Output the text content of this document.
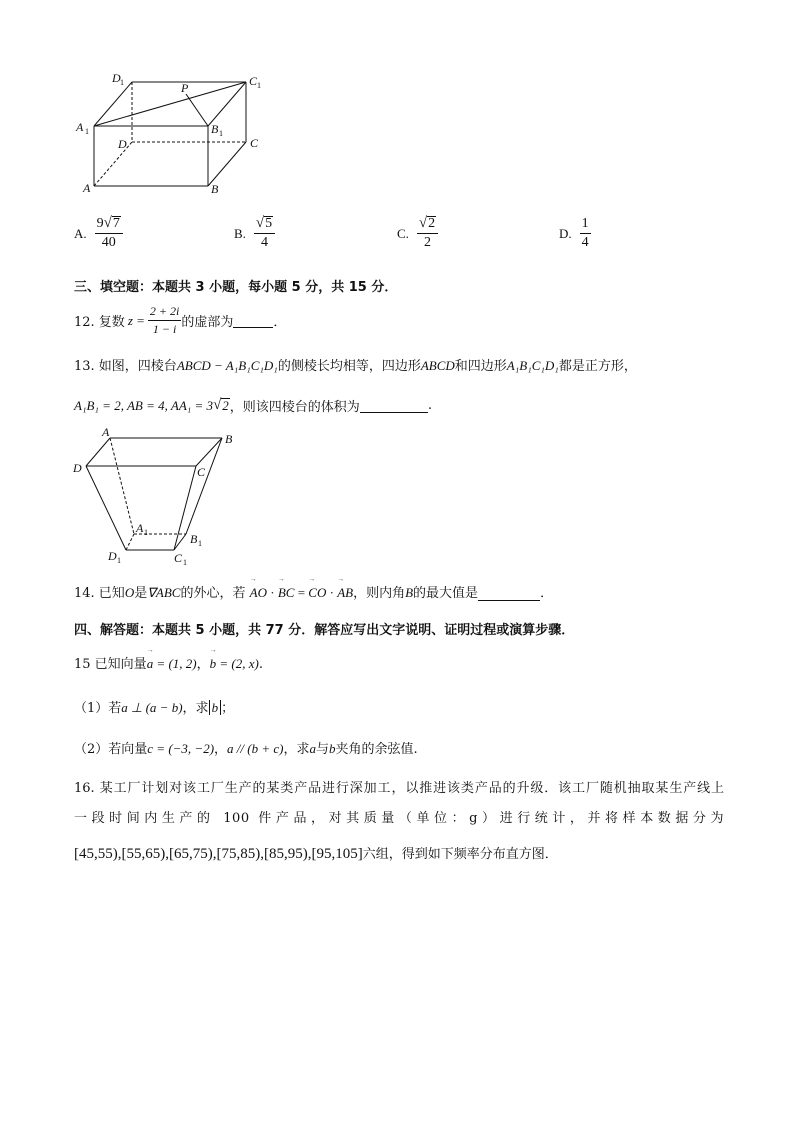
D 1	C 1
P
A 1	B 1
D	C
A	B
A. $\frac{9 √ 7}{40}$	B. $\frac{√ 5}{4}$	C. $\frac{√ 2}{2}$	D. $\frac{1}{4}$
三、填空题：本题共 3 小题，每小题 5 分，共 15 分．
12. 复数 $z = \frac{2 + 2i}{1 - i}$ 的虚部为	．
13. 如图，四棱台ABCD − A₁B₁C₁D₁的侧棱长均相等，四边形ABCD和四边形A₁B₁C₁D₁都是正方形，
A₁B₁ = 2, AB = 4, AA₁ = 3 √ 2 ，则该四棱台的体积为	.
A	B
D	C
A 1	B 1
D 1	C 1
14. 已知O是∇ABC的外心，若 → AO · → BC = → CO · → AB，则内角B的最大值是	．
四、解答题：本题共 5 小题，共 77 分．解答应写出文字说明、证明过程或演算步骤．
15 已知向量→ a = (1, 2)，→ b = (2, x).
（1）若a ⊥ (a − b)，求 b ；
（2）若向量c = (−3, −2)，a // (b + c)，求a与b夹角的余弦值.
16. 某工厂计划对该工厂生产的某类产品进行深加工，以推进该类产品的升级．该工厂随机抽取某生产线上
一段时间内生产的 100 件产品，对其质量（单位：g）进行统计，并将样本数据分为
[45,55),[55,65),[65,75),[75,85),[85,95),[95,105]六组，得到如下频率分布直方图．
